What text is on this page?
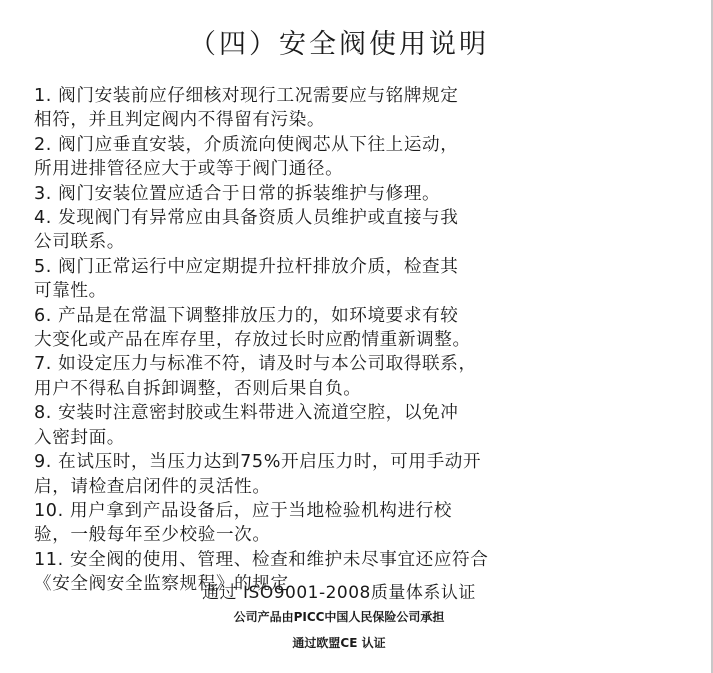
（四）安全阀使用说明
1. 阀门安装前应仔细核对现行工况需要应与铭牌规定
相符，并且判定阀内不得留有污染。
2. 阀门应垂直安装，介质流向使阀芯从下往上运动，
所用进排管径应大于或等于阀门通径。
3. 阀门安装位置应适合于日常的拆装维护与修理。
4. 发现阀门有异常应由具备资质人员维护或直接与我
公司联系。
5. 阀门正常运行中应定期提升拉杆排放介质，检查其
可靠性。
6. 产品是在常温下调整排放压力的，如环境要求有较
大变化或产品在库存里，存放过长时应酌情重新调整。
7. 如设定压力与标准不符，请及时与本公司取得联系，
用户不得私自拆卸调整，否则后果自负。
8. 安装时注意密封胶或生料带进入流道空腔，以免冲
入密封面。
9. 在试压时，当压力达到75%开启压力时，可用手动开
启，请检查启闭件的灵活性。
10. 用户拿到产品设备后，应于当地检验机构进行校
验，一般每年至少校验一次。
11. 安全阀的使用、管理、检查和维护未尽事宜还应符合
《安全阀安全监察规程》的规定
通过 ISO9001-2008质量体系认证
公司产品由PICC中国人民保险公司承担
通过欧盟CE 认证
